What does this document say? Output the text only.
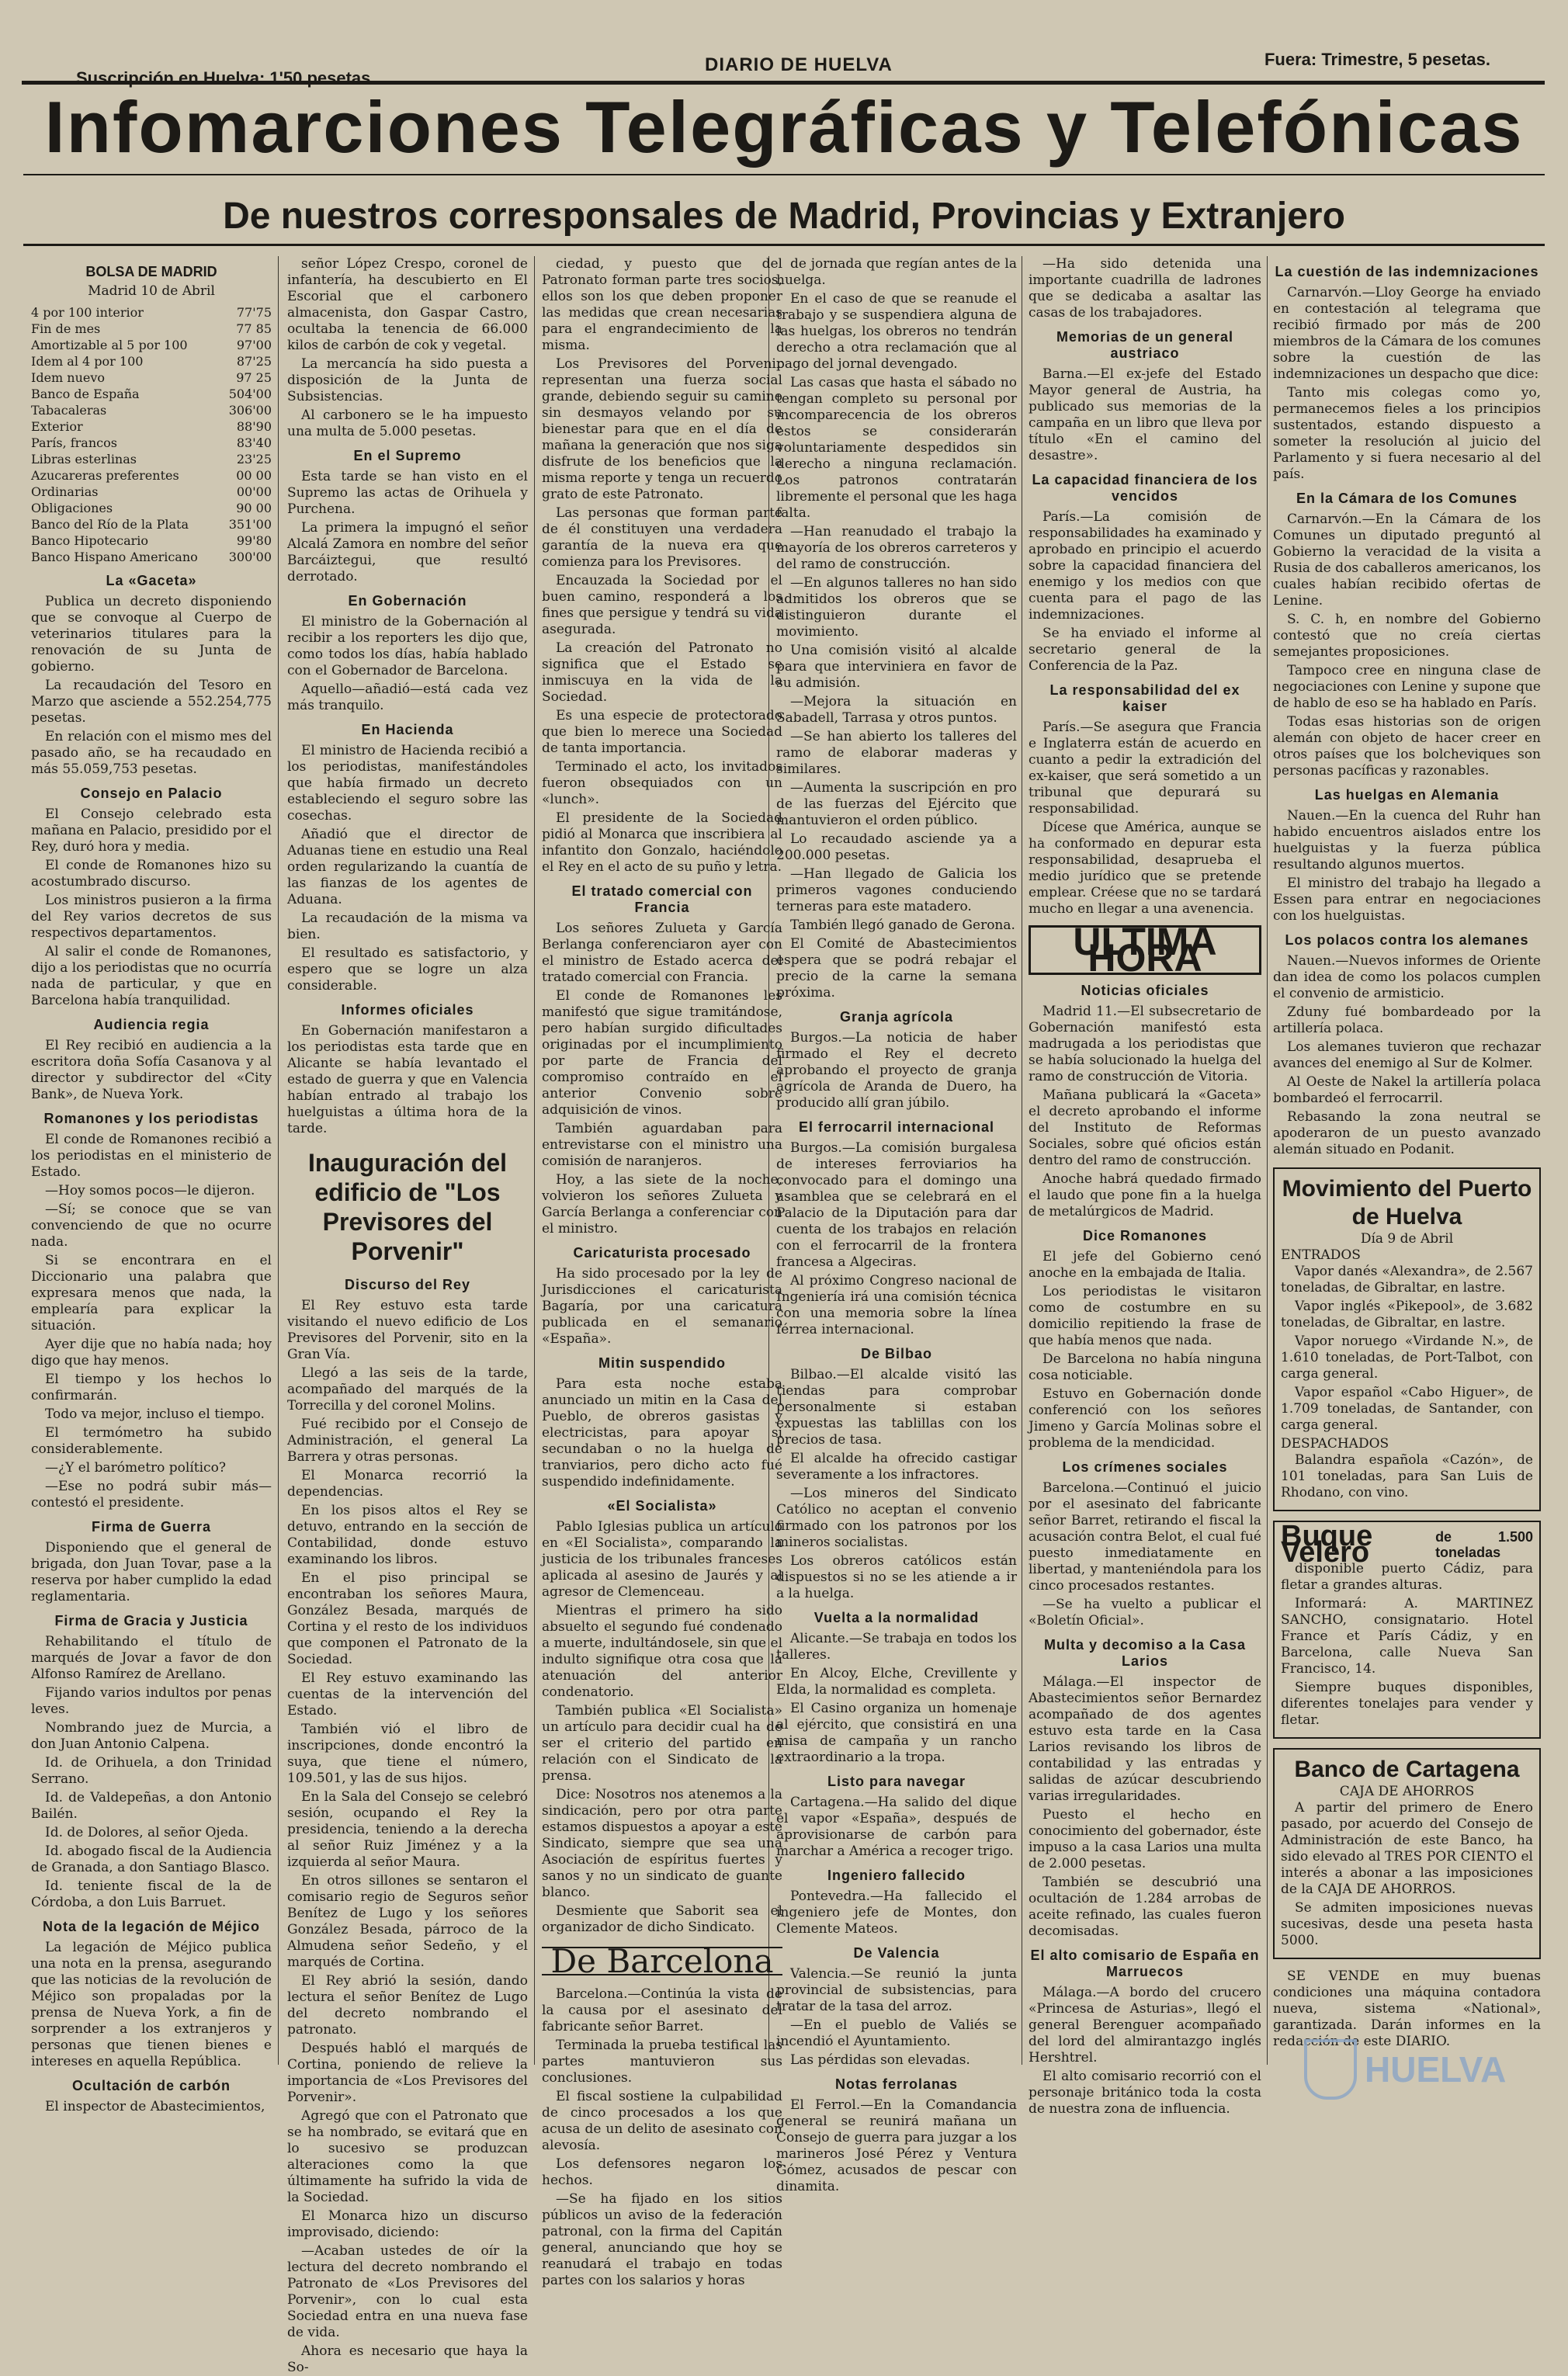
Suscripción en Huelva: 1'50 pesetas
DIARIO DE HUELVA	Fuera: Trimestre, 5 pesetas.
Infomarciones Telegráficas y Telefónicas
De nuestros corresponsales de Madrid, Provincias y Extranjero
BOLSA DE MADRID
Madrid 10 de Abril
4 por 100 interior	77'75
Fin de mes	77 85
Amortizable al 5 por 100	97'00
Idem al 4 por 100	87'25
Idem nuevo	97 25
Banco de España	504'00
Tabacaleras	306'00
Exterior	88'90
París, francos	83'40
Libras esterlinas	23'25
Azucareras preferentes	00 00
Ordinarias	00'00
Obligaciones	90 00
Banco del Río de la Plata	351'00
Banco Hipotecario	99'80
Banco Hispano Americano 300'00
La «Gaceta»

Publica un decreto disponiendo que se convoque al Cuerpo de veterinarios titulares para la renovación de su Junta de gobierno.

La recaudación del Tesoro en Marzo que asciende a 552.254,775 pesetas.

En relación con el mismo mes del pasado año, se ha recaudado en más 55.059,753 pesetas.

Consejo en Palacio

El Consejo celebrado esta mañana en Palacio, presidido por el Rey, duró hora y media.

El conde de Romanones hizo su acostumbrado discurso.

Los ministros pusieron a la firma del Rey varios decretos de sus respectivos departamentos.

Al salir el conde de Romanones, dijo a los periodistas que no ocurría nada de particular, y que en Barcelona había tranquilidad.

Audiencia regia

El Rey recibió en audiencia a la escritora doña Sofía Casanova y al director y subdirector del «City Bank», de Nueva York.

Romanones y los periodistas

El conde de Romanones recibió a los periodistas en el ministerio de Estado.

—Hoy somos pocos—le dijeron.

—Sí; se conoce que se van convenciendo de que no ocurre nada.

Si se encontrara en el Diccionario una palabra que expresara menos que nada, la emplearía para explicar la situación.

Ayer dije que no había nada; hoy digo que hay menos.

El tiempo y los hechos lo confirmarán.

Todo va mejor, incluso el tiempo.

El termómetro ha subido considerablemente.

—¿Y el barómetro político?

—Ese no podrá subir más—contestó el presidente.

Firma de Guerra

Disponiendo que el general de brigada, don Juan Tovar, pase a la reserva por haber cumplido la edad reglamentaria.

Firma de Gracia y Justicia

Rehabilitando el título de marqués de Jovar a favor de don Alfonso Ramírez de Arellano.

Fijando varios indultos por penas leves.

Nombrando juez de Murcia, a don Juan Antonio Calpena.

Id. de Orihuela, a don Trinidad Serrano.

Id. de Valdepeñas, a don Antonio Bailén.

Id. de Dolores, al señor Ojeda.

Id. abogado fiscal de la Audiencia de Granada, a don Santiago Blasco.

Id. teniente fiscal de la de Córdoba, a don Luis Barruet.

Nota de la legación de Méjico

La legación de Méjico publica una nota en la prensa, asegurando que las noticias de la revolución de Méjico son propaladas por la prensa de Nueva York, a fin de sorprender a los extranjeros y personas que tienen bienes e intereses en aquella República.

Ocultación de carbón

El inspector de Abastecimientos,

señor López Crespo, coronel de infantería, ha descubierto en El Escorial que el carbonero almacenista, don Gaspar Castro, ocultaba la tenencia de 66.000 kilos de carbón de cok y vegetal.

La mercancía ha sido puesta a disposición de la Junta de Subsistencias.

Al carbonero se le ha impuesto una multa de 5.000 pesetas.

En el Supremo

Esta tarde se han visto en el Supremo las actas de Orihuela y Purchena.

La primera la impugnó el señor Alcalá Zamora en nombre del señor Barcáiztegui, que resultó derrotado.

En Gobernación

El ministro de la Gobernación al recibir a los reporters les dijo que, como todos los días, había hablado con el Gobernador de Barcelona.

Aquello—añadió—está cada vez más tranquilo.

En Hacienda

El ministro de Hacienda recibió a los periodistas, manifestándoles que había firmado un decreto estableciendo el seguro sobre las cosechas.

Añadió que el director de Aduanas tiene en estudio una Real orden regularizando la cuantía de las fianzas de los agentes de Aduana.

La recaudación de la misma va bien.

El resultado es satisfactorio, y espero que se logre un alza considerable.

Informes oficiales

En Gobernación manifestaron a los periodistas esta tarde que en Alicante se había levantado el estado de guerra y que en Valencia habían entrado al trabajo los huelguistas a última hora de la tarde.

Inauguración del edificio de "Los Previsores del Porvenir"
Discurso del Rey

El Rey estuvo esta tarde visitando el nuevo edificio de Los Previsores del Porvenir, sito en la Gran Vía.

Llegó a las seis de la tarde, acompañado del marqués de la Torrecilla y del coronel Molins.

Fué recibido por el Consejo de Administración, el general La Barrera y otras personas.

El Monarca recorrió la dependencias.

En los pisos altos el Rey se detuvo, entrando en la sección de Contabilidad, donde estuvo examinando los libros.

En el piso principal se encontraban los señores Maura, González Besada, marqués de Cortina y el resto de los individuos que componen el Patronato de la Sociedad.

El Rey estuvo examinando las cuentas de la intervención del Estado.

También vió el libro de inscripciones, donde encontró la suya, que tiene el número, 109.501, y las de sus hijos.

En la Sala del Consejo se celebró sesión, ocupando el Rey la presidencia, teniendo a la derecha al señor Ruiz Jiménez y a la izquierda al señor Maura.

En otros sillones se sentaron el comisario regio de Seguros señor Benítez de Lugo y los señores González Besada, párroco de la Almudena señor Sedeño, y el marqués de Cortina.

El Rey abrió la sesión, dando lectura el señor Benítez de Lugo del decreto nombrando el patronato.

Después habló el marqués de Cortina, poniendo de relieve la importancia de «Los Previsores del Porvenir».

Agregó que con el Patronato que se ha nombrado, se evitará que en lo sucesivo se produzcan alteraciones como la que últimamente ha sufrido la vida de la Sociedad.

El Monarca hizo un discurso improvisado, diciendo:

—Acaban ustedes de oír la lectura del decreto nombrando el Patronato de «Los Previsores del Porvenir», con lo cual esta Sociedad entra en una nueva fase de vida.

Ahora es necesario que haya la So-

ciedad, y puesto que del Patronato forman parte tres socios, ellos son los que deben proponer las medidas que crean necesarias para el engrandecimiento de la misma.

Los Previsores del Porvenir representan una fuerza social grande, debiendo seguir su camino sin desmayos velando por su bienestar para que en el día de mañana la generación que nos siga disfrute de los beneficios que la misma reporte y tenga un recuerdo grato de este Patronato.

Las personas que forman parte de él constituyen una verdadera garantía de la nueva era que comienza para los Previsores.

Encauzada la Sociedad por el buen camino, responderá a los fines que persigue y tendrá su vida asegurada.

La creación del Patronato no significa que el Estado se inmiscuya en la vida de la Sociedad.

Es una especie de protectorado que bien lo merece una Sociedad de tanta importancia.

Terminado el acto, los invitados fueron obsequiados con un «lunch».

El presidente de la Sociedad pidió al Monarca que inscribiera al infantito don Gonzalo, haciéndolo el Rey en el acto de su puño y letra.

El tratado comercial con Francia

Los señores Zulueta y García Berlanga conferenciaron ayer con el ministro de Estado acerca del tratado comercial con Francia.

El conde de Romanones les manifestó que sigue tramitándose, pero habían surgido dificultades originadas por el incumplimiento por parte de Francia del compromiso contraído en el anterior Convenio sobre adquisición de vinos.

También aguardaban para entrevistarse con el ministro una comisión de naranjeros.

Hoy, a las siete de la noche, volvieron los señores Zulueta y García Berlanga a conferenciar con el ministro.

Caricaturista procesado

Ha sido procesado por la ley de Jurisdicciones el caricaturista Bagaría, por una caricatura publicada en el semanario «España».

Mitin suspendido

Para esta noche estaba anunciado un mitin en la Casa del Pueblo, de obreros gasistas y electricistas, para apoyar si secundaban o no la huelga de tranviarios, pero dicho acto fué suspendido indefinidamente.

«El Socialista»

Pablo Iglesias publica un artículo en «El Socialista», comparando la justicia de los tribunales franceses aplicada al asesino de Jaurés y al agresor de Clemenceau.

Mientras el primero ha sido absuelto el segundo fué condenado a muerte, indultándosele, sin que el indulto signifique otra cosa que la atenuación del anterior condenatorio.

También publica «El Socialista» un artículo para decidir cual ha de ser el criterio del partido en relación con el Sindicato de la prensa.

Dice: Nosotros nos atenemos a la sindicación, pero por otra parte estamos dispuestos a apoyar a este Sindicato, siempre que sea una Asociación de espíritus fuertes y sanos y no un sindicato de guante blanco.

Desmiente que Saborit sea el organizador de dicho Sindicato.

De Barcelona

Barcelona.—Continúa la vista de la causa por el asesinato del fabricante señor Barret.

Terminada la prueba testifical las partes mantuvieron sus conclusiones.

El fiscal sostiene la culpabilidad de cinco procesados a los que acusa de un delito de asesinato con alevosía.

Los defensores negaron los hechos.

—Se ha fijado en los sitios públicos un aviso de la federación patronal, con la firma del Capitán general, anunciando que hoy se reanudará el trabajo en todas partes con los salarios y horas

de jornada que regían antes de la huelga.

En el caso de que se reanude el trabajo y se suspendiera alguna de las huelgas, los obreros no tendrán derecho a otra reclamación que al pago del jornal devengado.

Las casas que hasta el sábado no tengan completo su personal por incomparecencia de los obreros estos se considerarán voluntariamente despedidos sin derecho a ninguna reclamación. Los patronos contratarán libremente el personal que les haga falta.

—Han reanudado el trabajo la mayoría de los obreros carreteros y del ramo de construcción.

—En algunos talleres no han sido admitidos los obreros que se distinguieron durante el movimiento.

Una comisión visitó al alcalde para que interviniera en favor de su admisión.

—Mejora la situación en Sabadell, Tarrasa y otros puntos.

—Se han abierto los talleres del ramo de elaborar maderas y similares.

—Aumenta la suscripción en pro de las fuerzas del Ejército que mantuvieron el orden público.

Lo recaudado asciende ya a 200.000 pesetas.

—Han llegado de Galicia los primeros vagones conduciendo terneras para este matadero.

También llegó ganado de Gerona.

El Comité de Abastecimientos espera que se podrá rebajar el precio de la carne la semana próxima.

Granja agrícola

Burgos.—La noticia de haber firmado el Rey el decreto aprobando el proyecto de granja agrícola de Aranda de Duero, ha producido allí gran júbilo.

El ferrocarril internacional

Burgos.—La comisión burgalesa de intereses ferroviarios ha convocado para el domingo una asamblea que se celebrará en el Palacio de la Diputación para dar cuenta de los trabajos en relación con el ferrocarril de la frontera francesa a Algeciras.

Al próximo Congreso nacional de Ingeniería irá una comisión técnica con una memoria sobre la línea férrea internacional.

De Bilbao

Bilbao.—El alcalde visitó las tiendas para comprobar personalmente si estaban expuestas las tablillas con los precios de tasa.

El alcalde ha ofrecido castigar severamente a los infractores.

—Los mineros del Sindicato Católico no aceptan el convenio firmado con los patronos por los mineros socialistas.

Los obreros católicos están dispuestos si no se les atiende a ir a la huelga.

Vuelta a la normalidad

Alicante.—Se trabaja en todos los talleres.

En Alcoy, Elche, Crevillente y Elda, la normalidad es completa.

El Casino organiza un homenaje al ejército, que consistirá en una misa de campaña y un rancho extraordinario a la tropa.

Listo para navegar

Cartagena.—Ha salido del dique el vapor «España», después de aprovisionarse de carbón para marchar a América a recoger trigo.

Ingeniero fallecido

Pontevedra.—Ha fallecido el ingeniero jefe de Montes, don Clemente Mateos.

De Valencia

Valencia.—Se reunió la junta provincial de subsistencias, para tratar de la tasa del arroz.

—En el pueblo de Valiés se incendió el Ayuntamiento.

Las pérdidas son elevadas.

Notas ferrolanas

El Ferrol.—En la Comandancia general se reunirá mañana un Consejo de guerra para juzgar a los marineros José Pérez y Ventura Gómez, acusados de pescar con dinamita.

—Ha sido detenida una importante cuadrilla de ladrones que se dedicaba a asaltar las casas de los trabajadores.

Memorias de un general austriaco

Barna.—El ex-jefe del Estado Mayor general de Austria, ha publicado sus memorias de la campaña en un libro que lleva por título «En el camino del desastre».

La capacidad financiera de los vencidos

París.—La comisión de responsabilidades ha examinado y aprobado en principio el acuerdo sobre la capacidad financiera del enemigo y los medios con que cuenta para el pago de las indemnizaciones.

Se ha enviado el informe al secretario general de la Conferencia de la Paz.

La responsabilidad del ex kaiser

París.—Se asegura que Francia e Inglaterra están de acuerdo en cuanto a pedir la extradición del ex-kaiser, que será sometido a un tribunal que depurará su responsabilidad.

Dícese que América, aunque se ha conformado en depurar esta responsabilidad, desaprueba el medio jurídico que se pretende emplear. Créese que no se tardará mucho en llegar a una avenencia.

ULTIMA HORA
Noticias oficiales

Madrid 11.—El subsecretario de Gobernación manifestó esta madrugada a los periodistas que se había solucionado la huelga del ramo de construcción de Vitoria.

Mañana publicará la «Gaceta» el decreto aprobando el informe del Instituto de Reformas Sociales, sobre qué oficios están dentro del ramo de construcción.

Anoche habrá quedado firmado el laudo que pone fin a la huelga de metalúrgicos de Madrid.

Dice Romanones

El jefe del Gobierno cenó anoche en la embajada de Italia.

Los periodistas le visitaron como de costumbre en su domicilio repitiendo la frase de que había menos que nada.

De Barcelona no había ninguna cosa noticiable.

Estuvo en Gobernación donde conferenció con los señores Jimeno y García Molinas sobre el problema de la mendicidad.

Los crímenes sociales

Barcelona.—Continuó el juicio por el asesinato del fabricante señor Barret, retirando el fiscal la acusación contra Belot, el cual fué puesto inmediatamente en libertad, y manteniéndola para los cinco procesados restantes.

—Se ha vuelto a publicar el «Boletín Oficial».

Multa y decomiso a la Casa Larios

Málaga.—El inspector de Abastecimientos señor Bernardez acompañado de dos agentes estuvo esta tarde en la Casa Larios revisando los libros de contabilidad y las entradas y salidas de azúcar descubriendo varias irregularidades.

Puesto el hecho en conocimiento del gobernador, éste impuso a la casa Larios una multa de 2.000 pesetas.

También se descubrió una ocultación de 1.284 arrobas de aceite refinado, las cuales fueron decomisadas.

El alto comisario de España en Marruecos

Málaga.—A bordo del crucero «Princesa de Asturias», llegó el general Berenguer acompañado del lord del almirantazgo inglés Hershtrel.

El alto comisario recorrió con el personaje británico toda la costa de nuestra zona de influencia.

La cuestión de las indemnizaciones

Carnarvón.—Lloy George ha enviado en contestación al telegrama que recibió firmado por más de 200 miembros de la Cámara de los comunes sobre la cuestión de las indemnizaciones un despacho que dice:

Tanto mis colegas como yo, permanecemos fieles a los principios sustentados, estando dispuesto a someter la resolución al juicio del Parlamento y si fuera necesario al del país.

En la Cámara de los Comunes

Carnarvón.—En la Cámara de los Comunes un diputado preguntó al Gobierno la veracidad de la visita a Rusia de dos caballeros americanos, los cuales habían recibido ofertas de Lenine.

S. C. h, en nombre del Gobierno contestó que no creía ciertas semejantes proposiciones.

Tampoco cree en ninguna clase de negociaciones con Lenine y supone que de hablo de eso se ha hablado en París.

Todas esas historias son de origen alemán con objeto de hacer creer en otros países que los bolcheviques son personas pacíficas y razonables.

Las huelgas en Alemania

Nauen.—En la cuenca del Ruhr han habido encuentros aislados entre los huelguistas y la fuerza pública resultando algunos muertos.

El ministro del trabajo ha llegado a Essen para entrar en negociaciones con los huelguistas.

Los polacos contra los alemanes

Nauen.—Nuevos informes de Oriente dan idea de como los polacos cumplen el convenio de armisticio.

Zduny fué bombardeado por la artillería polaca.

Los alemanes tuvieron que rechazar avances del enemigo al Sur de Kolmer.

Al Oeste de Nakel la artillería polaca bombardeó el ferrocarril.

Rebasando la zona neutral se apoderaron de un puesto avanzado alemán situado en Podanit.

Movimiento del Puerto de Huelva
Día 9 de Abril
ENTRADOS

Vapor danés «Alexandra», de 2.567 toneladas, de Gibraltar, en lastre.

Vapor inglés «Pikepool», de 3.682 toneladas, de Gibraltar, en lastre.

Vapor noruego «Virdande N.», de 1.610 toneladas, de Port-Talbot, con carga general.

Vapor español «Cabo Higuer», de 1.709 toneladas, de Santander, con carga general.

DESPACHADOS

Balandra española «Cazón», de 101 toneladas, para San Luis de Rhodano, con vino.

Buque Velero	de 1.500 toneladas

disponible puerto Cádiz, para fletar a grandes alturas.

Informará: A. MARTINEZ SANCHO, consignatario. Hotel France et París Cádiz, y en Barcelona, calle Nueva San Francisco, 14.

Siempre buques disponibles, diferentes tonelajes para vender y fletar.

Banco de Cartagena
CAJA DE AHORROS

A partir del primero de Enero pasado, por acuerdo del Consejo de Administración de este Banco, ha sido elevado al TRES POR CIENTO el interés a abonar a las imposiciones de la CAJA DE AHORROS.

Se admiten imposiciones nuevas sucesivas, desde una peseta hasta 5000.

SE VENDE en muy buenas condiciones una máquina contadora nueva, sistema «National», garantizada. Darán informes en la redacción de este DIARIO.

HUELVA
